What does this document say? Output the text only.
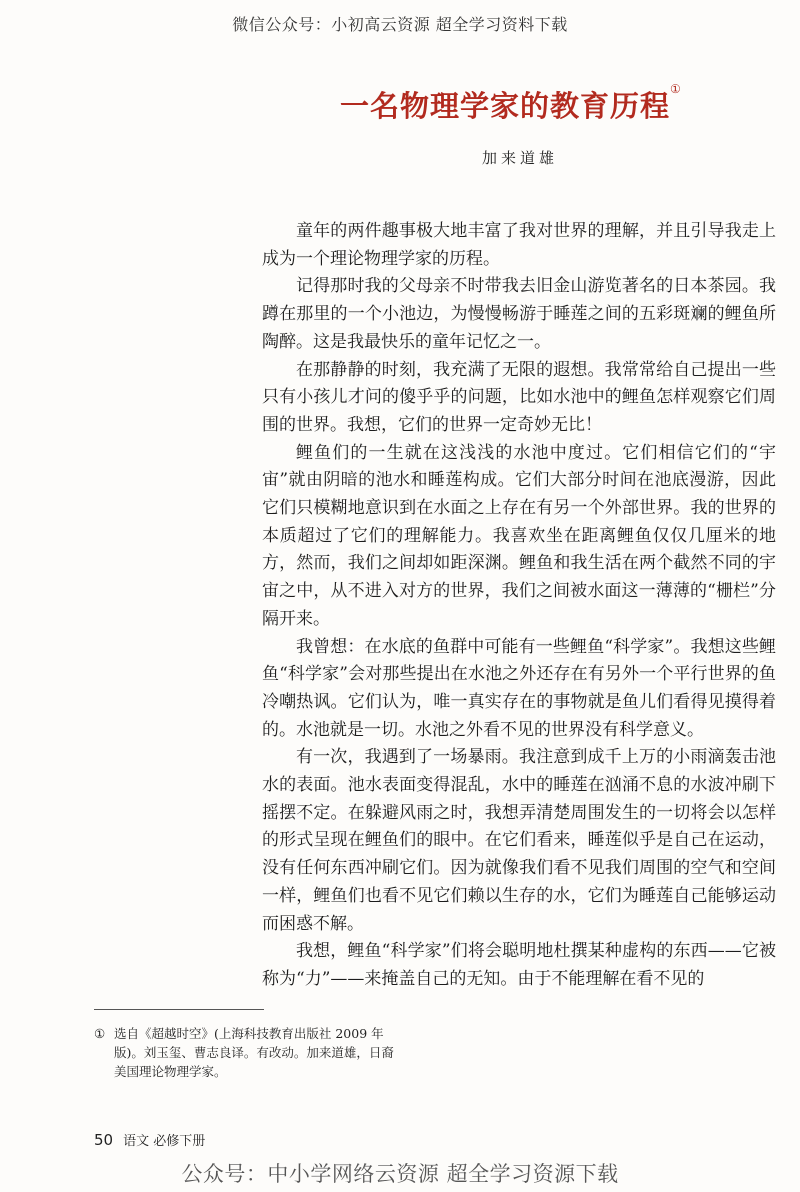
微信公众号：小初高云资源 超全学习资料下载
一名物理学家的教育历程①
加来道雄

童年的两件趣事极大地丰富了我对世界的理解，并且引导我走上成为一个理论物理学家的历程。

记得那时我的父母亲不时带我去旧金山游览著名的日本茶园。我蹲在那里的一个小池边，为慢慢畅游于睡莲之间的五彩斑斓的鲤鱼所陶醉。这是我最快乐的童年记忆之一。

在那静静的时刻，我充满了无限的遐想。我常常给自己提出一些只有小孩儿才问的傻乎乎的问题，比如水池中的鲤鱼怎样观察它们周围的世界。我想，它们的世界一定奇妙无比！

鲤鱼们的一生就在这浅浅的水池中度过。它们相信它们的“宇宙”就由阴暗的池水和睡莲构成。它们大部分时间在池底漫游，因此它们只模糊地意识到在水面之上存在有另一个外部世界。我的世界的本质超过了它们的理解能力。我喜欢坐在距离鲤鱼仅仅几厘米的地方，然而，我们之间却如距深渊。鲤鱼和我生活在两个截然不同的宇宙之中，从不进入对方的世界，我们之间被水面这一薄薄的“栅栏”分隔开来。

我曾想：在水底的鱼群中可能有一些鲤鱼“科学家”。我想这些鲤鱼“科学家”会对那些提出在水池之外还存在有另外一个平行世界的鱼冷嘲热讽。它们认为，唯一真实存在的事物就是鱼儿们看得见摸得着的。水池就是一切。水池之外看不见的世界没有科学意义。

有一次，我遇到了一场暴雨。我注意到成千上万的小雨滴轰击池水的表面。池水表面变得混乱，水中的睡莲在汹涌不息的水波冲刷下摇摆不定。在躲避风雨之时，我想弄清楚周围发生的一切将会以怎样的形式呈现在鲤鱼们的眼中。在它们看来，睡莲似乎是自己在运动，没有任何东西冲刷它们。因为就像我们看不见我们周围的空气和空间一样，鲤鱼们也看不见它们赖以生存的水，它们为睡莲自己能够运动而困惑不解。

我想，鲤鱼“科学家”们将会聪明地杜撰某种虚构的东西——它被称为“力”——来掩盖自己的无知。由于不能理解在看不见的

① 选自《超越时空》(上海科技教育出版社 2009 年
版)。刘玉玺、曹志良译。有改动。加来道雄，日裔
美国理论物理学家。
50 语文 必修下册
公众号：中小学网络云资源 超全学习资源下载
